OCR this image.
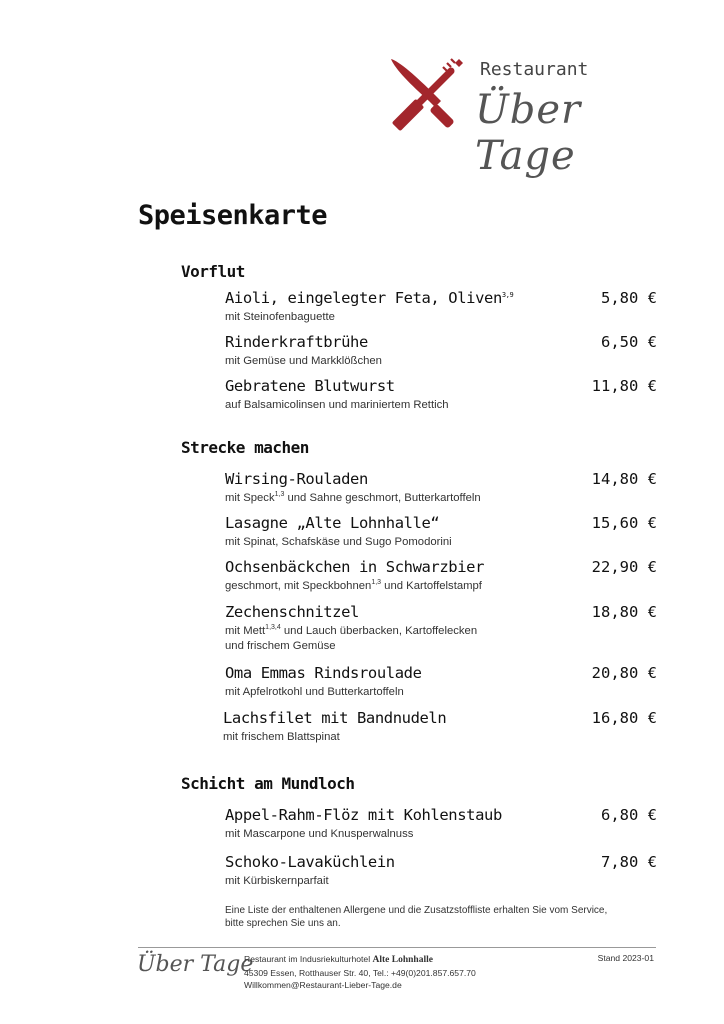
Restaurant
Über Tage
Speisenkarte
Vorflut
Aioli, eingelegter Feta, Oliven$^{3,9}$	5,80 €
mit Steinofenbaguette
Rinderkraftbrühe	6,50 €
mit Gemüse und Markklößchen
Gebratene Blutwurst	11,80 €
auf Balsamicolinsen und mariniertem Rettich
Strecke machen
Wirsing-Rouladen	14,80 €
mit Speck$^{1,3}$ und Sahne geschmort, Butterkartoffeln
Lasagne „Alte Lohnhalle“	15,60 €
mit Spinat, Schafskäse und Sugo Pomodorini
Ochsenbäckchen in Schwarzbier	22,90 €
geschmort, mit Speckbohnen$^{1,3}$ und Kartoffelstampf
Zechenschnitzel	18,80 €
mit Mett$^{1,3,4}$ und Lauch überbacken, Kartoffelecken
und frischem Gemüse
Oma Emmas Rindsroulade	20,80 €
mit Apfelrotkohl und Butterkartoffeln
Lachsfilet mit Bandnudeln	16,80 €
mit frischem Blattspinat
Schicht am Mundloch
Appel-Rahm-Flöz mit Kohlenstaub	6,80 €
mit Mascarpone und Knusperwalnuss
Schoko-Lavaküchlein	7,80 €
mit Kürbiskernparfait
Eine Liste der enthaltenen Allergene und die Zusatzstoffliste erhalten Sie vom Service,
bitte sprechen Sie uns an.
Über Tage
Restaurant im Indusriekulturhotel Alte Lohnhalle
45309 Essen, Rotthauser Str. 40, Tel.: +49(0)201.857.657.70
Willkommen@Restaurant-Lieber-Tage.de
Stand 2023-01
